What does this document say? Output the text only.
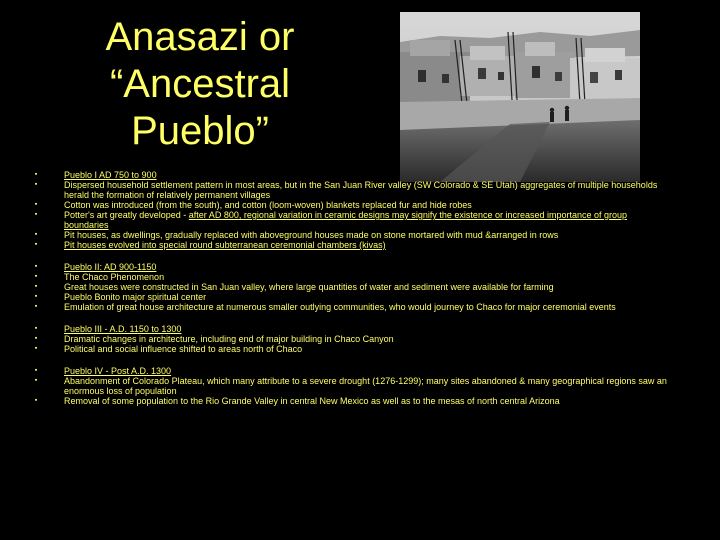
Anasazi or
“Ancestral
Pueblo”
▪	Pueblo I AD 750 to 900
▪	Dispersed household settlement pattern in most areas, but in the San Juan River valley (SW Colorado & SE Utah) aggregates of multiple households herald the formation of relatively permanent villages
▪	Cotton was introduced (from the south), and cotton (loom-woven) blankets replaced fur and hide robes
▪	Potter's art greatly developed - after AD 800, regional variation in ceramic designs may signify the existence or increased importance of group boundaries
▪	Pit houses, as dwellings, gradually replaced with aboveground houses made on stone mortared with mud &arranged in rows
▪	Pit houses evolved into special round subterranean ceremonial chambers (kivas)
▪	Pueblo II: AD 900-1150
▪	The Chaco Phenomenon
▪	Great houses were constructed in San Juan valley, where large quantities of water and sediment were available for farming
▪	Pueblo Bonito major spiritual center
▪	Emulation of great house architecture at numerous smaller outlying communities, who would journey to Chaco for major ceremonial events
▪	Pueblo III - A.D. 1150 to 1300
▪	Dramatic changes in architecture, including end of major building in Chaco Canyon
▪	Political and social influence shifted to areas north of Chaco
▪	Pueblo IV - Post A.D. 1300
▪	Abandonment of Colorado Plateau, which many attribute to a severe drought (1276-1299); many sites abandoned & many geographical regions saw an enormous loss of population
▪	Removal of some population to the Rio Grande Valley in central New Mexico as well as to the mesas of north central Arizona
